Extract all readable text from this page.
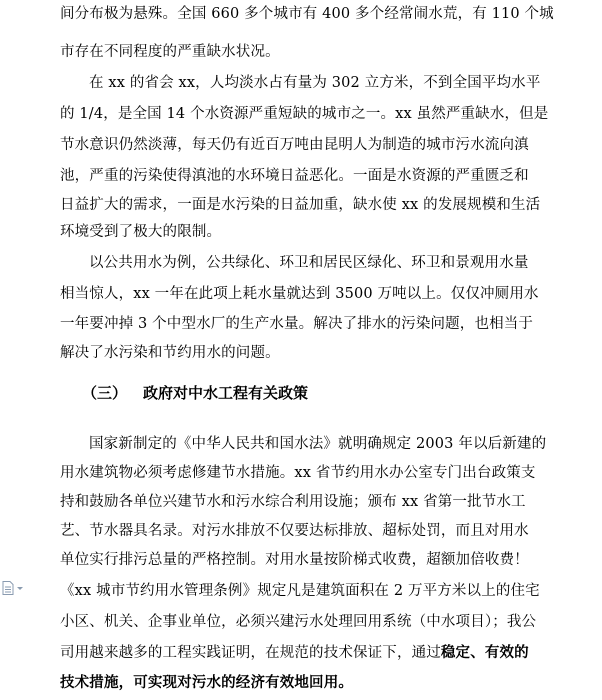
间分布极为悬殊。全国 660 多个城市有 400 多个经常闹水荒，有 110 个城
市存在不同程度的严重缺水状况。
在 xx 的省会 xx，人均淡水占有量为 302 立方米，不到全国平均水平
的 1/4，是全国 14 个水资源严重短缺的城市之一。xx 虽然严重缺水，但是
节水意识仍然淡薄，每天仍有近百万吨由昆明人为制造的城市污水流向滇
池，严重的污染使得滇池的水环境日益恶化。一面是水资源的严重匮乏和
日益扩大的需求，一面是水污染的日益加重，缺水使 xx 的发展规模和生活
环境受到了极大的限制。
以公共用水为例，公共绿化、环卫和居民区绿化、环卫和景观用水量
相当惊人，xx 一年在此项上耗水量就达到 3500 万吨以上。仅仅冲厕用水
一年要冲掉 3 个中型水厂的生产水量。解决了排水的污染问题，也相当于
解决了水污染和节约用水的问题。
（三） 政府对中水工程有关政策
国家新制定的《中华人民共和国水法》就明确规定 2003 年以后新建的
用水建筑物必须考虑修建节水措施。xx 省节约用水办公室专门出台政策支
持和鼓励各单位兴建节水和污水综合利用设施；颁布 xx 省第一批节水工
艺、节水器具名录。对污水排放不仅要达标排放、超标处罚，而且对用水
单位实行排污总量的严格控制。对用水量按阶梯式收费，超额加倍收费！
《xx 城市节约用水管理条例》规定凡是建筑面积在 2 万平方米以上的住宅
小区、机关、企事业单位，必须兴建污水处理回用系统（中水项目）；我公
司用越来越多的工程实践证明，在规范的技术保证下，通过稳定、有效的
技术措施，可实现对污水的经济有效地回用。
